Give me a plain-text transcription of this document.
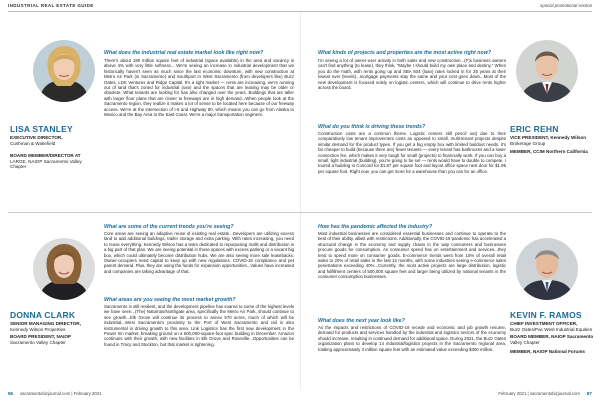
INDUSTRIAL REAL ESTATE GUIDE	special promotional section
LISA STANLEY
EXECUTIVE DIRECTOR,
Cushman & Wakefield
BOARD MEMBER/DIRECTOR AT
LARGE, NAIOP Sacramento Valley
Chapter
What does the industrial real estate market look like right now?
There's about 180 million square feet of industrial (space available) in the area and vacancy is above 4% with very little softness... We're seeing an increase in industrial development that we historically haven't seen as much since the last economic downturn, with new construction at Metro Air Park (in Sacramento) and Southport in West Sacramento (from developers like) Buzz Oates, LDK Ventures and Ridge Capital. It's a tight market — rents are increasing, we're running out of land that's zoned for industrial (use) and the spaces that are leasing may be older or obsolete. What tenants are looking for has also changed over the years. Buildings that are taller with larger floor plans that are closer to freeways are in high demand...When people look at the Sacramento region, they realize it makes a lot of sense to be located here because of our freeway access. We're at the intersection of I-5 and Highway 80, which means you can go from Alaska to Mexico and the Bay Area to the East Coast. We're a major transportation segment.
ERIC REHN
VICE PRESIDENT, Kennedy Wilson
Brokerage Group
MEMBER, CCIM Northern California
What kinds of projects and properties are the most active right now?
I'm seeing a lot of owner-user activity in both sales and new construction...(F)s business owners can't find anything (to lease), they think, "Maybe I should build my own place and destiny." When you do the math, with rents going up and SBA 504 (loan) rates locked in for 25 years at their lowest ever (levels)...mortgage payments stay the same and your cost goes down...Most of the new development is focused solely on logistic centers, which will continue to drive rents higher across the board.
What do you think is driving these trends?
Construction costs are a common theme. Logistic centers still pencil out) due to their comparatively low tenant improvement costs as opposed to small, multi-tenant projects despite similar demand for the product types. If you get a big empty box with limited buildout needs, it's far cheaper to build (because there are) fewer tenants — every tenant has bathrooms and a lower connection fee, which makes it very tough for small (projects) to financially work. If you can buy a small, light industrial (building), you're going to be set — rents would have to double to compete. I toured a building in Concord for $1.87 per square foot and layout office space next door for $1.95 per square foot. Right now, you can get more for a warehouse than you can for an office.
DONNA CLARK
SENIOR MANAGING DIRECTOR,
Kennedy Wilson Properties
BOARD PRESIDENT, NAIOP
Sacramento Valley Chapter
What are some of the current trends you're seeing?
Core areas are seeing an adaptive reuse of existing real estate...Developers are utilizing excess land to add additional buildings, trailer storage and extra parking. With rates increasing, you need to reuse everything. Kennedy Wilson has a team dedicated to repurposing malls and distribution is a big part of that plan. We are seeing potential in those spaces with excess parking or a vacant big box, which could ultimately become distribution hubs. We are also seeing more sale leasebacks. Owner-occupiers need capital to keep up with new regulations. COVID-19 compliance and pet parent demand. Plus, they are using the funds for expansion opportunities...Values have increased and companies are taking advantage of that.
What areas are you seeing the most market growth?
Sacramento is still resilient, and the development pipeline has soared to some of the highest levels we have seen...(The) Natomas/Northgate area, specifically the Metro Air Park, should continue to see growth...Elk Grove will continue its process to annex 570 acres, much of which will be industrial...West Sacramento's proximity to the Port of West Sacramento and rail is also instrumental in driving growth to this area. Link Logistics has the first new development in the Power Inn market, breaking ground on a 500,000-square-foot spec building in December. Amazon continues with their growth, with new facilities in Elk Grove and Roseville...Opportunities can be found in Tracy and Stockton, but that market is tightening.
KEVIN F. RAMOS
CHIEF INVESTMENT OFFICER,
Buzz Oates/Pac West Industrial Equities
BOARD MEMBER, NAIOP Sacramento
Valley Chapter
MEMBER, NAIOP National Forums
How has the pandemic affected the industry?
Most industrial businesses are considered essential businesses and continue to operate to the best of their ability, albeit with restrictions. Additionally, the COVID-19 pandemic has accelerated a structural change in the economy and supply chains in the way consumers and businesses procure goods for consumption. As consumer spend has on entertainment and services...they tend to spend more on consumer goods. E-commerce trends went from 10% of overall retail sales to 20% of retail sales in the last 12 months, with some industries seeing e-commerce sales penetrations exceeding 40%...Currently, the most active projects are large distribution, logistic and fulfillment centers of 500,000 square feet and larger being utilized by national tenants in the consumer consumption businesses.
What does the next year look like?
As the impacts and restrictions of COVID-19 recede and economic and job growth resume, demand for products and services handled by the industrial and logistics sectors of the economy should increase, resulting in continued demand for additional space. During 2021, the Buzz Oates organization plans to develop 14 industrial/logistics projects in the Sacramento regional area, totaling approximately 3 million square feet with an estimated value exceeding $300 million.
86 sacramentobizjournal.com | February 2021	February 2021 | sacramentobizjournal.com 87
